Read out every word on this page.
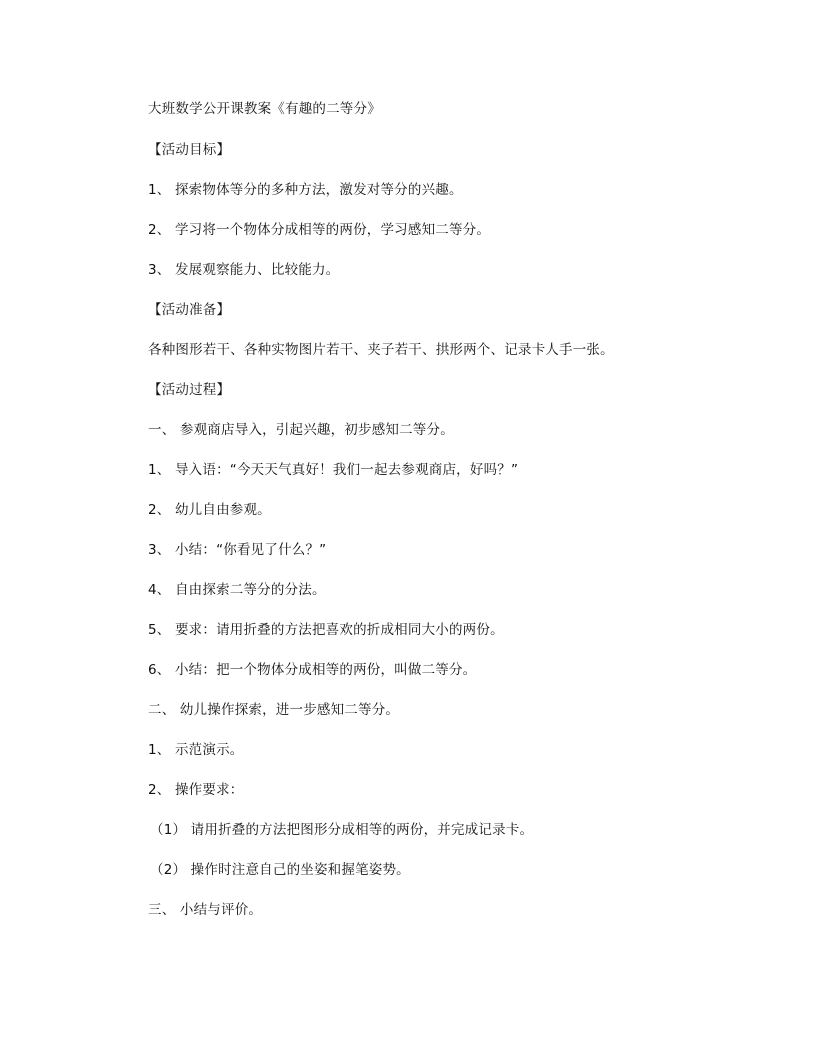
大班数学公开课教案《有趣的二等分》
【活动目标】
1、 探索物体等分的多种方法，激发对等分的兴趣。
2、 学习将一个物体分成相等的两份，学习感知二等分。
3、 发展观察能力、比较能力。
【活动准备】
各种图形若干、各种实物图片若干、夹子若干、拱形两个、记录卡人手一张。
【活动过程】
一、 参观商店导入，引起兴趣，初步感知二等分。
1、 导入语：“今天天气真好！我们一起去参观商店，好吗？”
2、 幼儿自由参观。
3、 小结：“你看见了什么？”
4、 自由探索二等分的分法。
5、 要求：请用折叠的方法把喜欢的折成相同大小的两份。
6、 小结：把一个物体分成相等的两份，叫做二等分。
二、 幼儿操作探索，进一步感知二等分。
1、 示范演示。
2、 操作要求：
（1） 请用折叠的方法把图形分成相等的两份，并完成记录卡。
（2） 操作时注意自己的坐姿和握笔姿势。
三、 小结与评价。
